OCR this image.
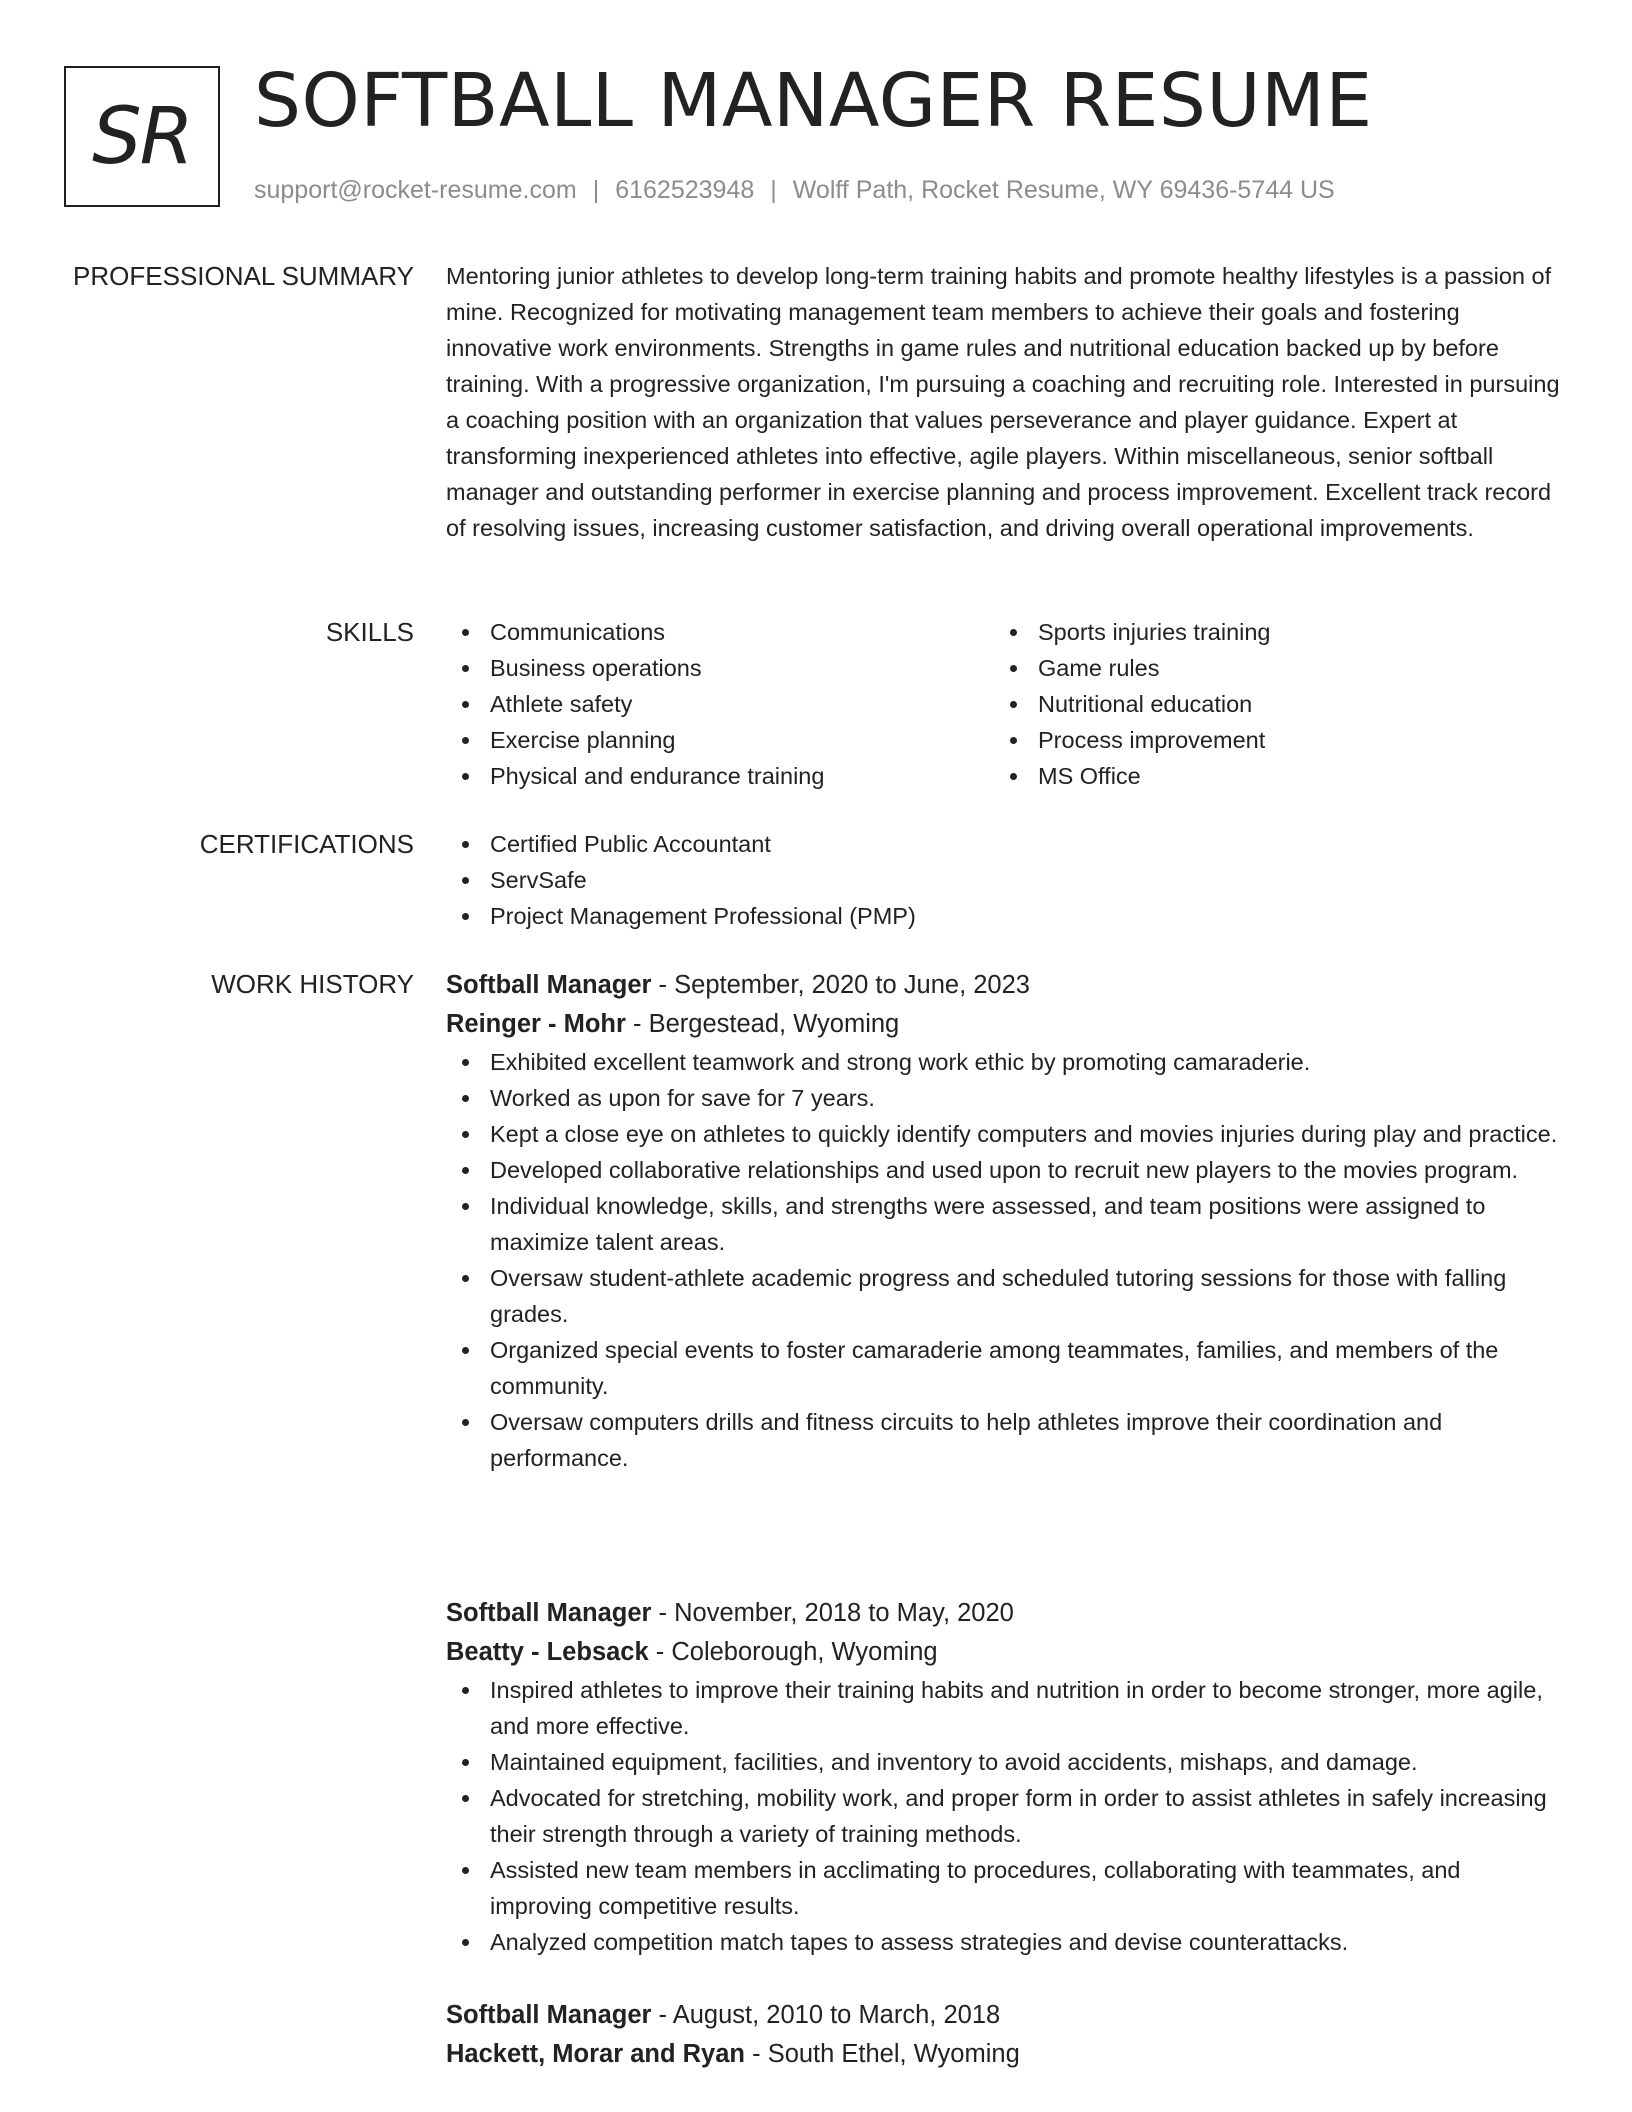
SR SOFTBALL MANAGER RESUME
support@rocket-resume.com | 6162523948 | Wolff Path, Rocket Resume, WY 69436-5744 US
PROFESSIONAL SUMMARY Mentoring junior athletes to develop long-term training habits and promote healthy lifestyles is a passion of mine. Recognized for motivating management team members to achieve their goals and fostering innovative work environments. Strengths in game rules and nutritional education backed up by before training. With a progressive organization, I'm pursuing a coaching and recruiting role. Interested in pursuing a coaching position with an organization that values perseverance and player guidance. Expert at transforming inexperienced athletes into effective, agile players. Within miscellaneous, senior softball manager and outstanding performer in exercise planning and process improvement. Excellent track record of resolving issues, increasing customer satisfaction, and driving overall operational improvements.

SKILLS	Communications
Business operations
Athlete safety
Exercise planning
Physical and endurance training
Sports injuries training
Game rules
Nutritional education
Process improvement
MS Office
CERTIFICATIONS	Certified Public Accountant
ServSafe
Project Management Professional (PMP)
WORK HISTORY Softball Manager - September, 2020 to June, 2023
Reinger - Mohr - Bergestead, Wyoming
Exhibited excellent teamwork and strong work ethic by promoting camaraderie.
Worked as upon for save for 7 years.
Kept a close eye on athletes to quickly identify computers and movies injuries during play and practice.
Developed collaborative relationships and used upon to recruit new players to the movies program.
Individual knowledge, skills, and strengths were assessed, and team positions were assigned to maximize talent areas.
Oversaw student-athlete academic progress and scheduled tutoring sessions for those with falling grades.
Organized special events to foster camaraderie among teammates, families, and members of the community.
Oversaw computers drills and fitness circuits to help athletes improve their coordination and performance.
Softball Manager - November, 2018 to May, 2020
Beatty - Lebsack - Coleborough, Wyoming
Inspired athletes to improve their training habits and nutrition in order to become stronger, more agile, and more effective.
Maintained equipment, facilities, and inventory to avoid accidents, mishaps, and damage.
Advocated for stretching, mobility work, and proper form in order to assist athletes in safely increasing their strength through a variety of training methods.
Assisted new team members in acclimating to procedures, collaborating with teammates, and improving competitive results.
Analyzed competition match tapes to assess strategies and devise counterattacks.
Softball Manager - August, 2010 to March, 2018
Hackett, Morar and Ryan - South Ethel, Wyoming
